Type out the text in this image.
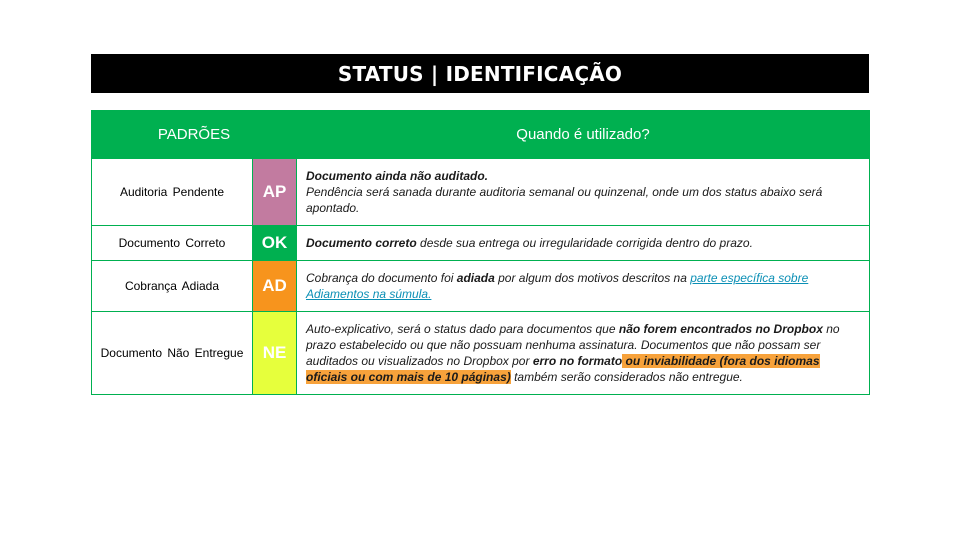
STATUS | IDENTIFICAÇÃO
PADRÕES		Quando é utilizado?
Auditoria Pendente	AP	Documento ainda não auditado.
Pendência será sanada durante auditoria semanal ou quinzenal, onde um dos status abaixo será apontado.
Documento Correto	OK	Documento correto desde sua entrega ou irregularidade corrigida dentro do prazo.
Cobrança Adiada	AD	Cobrança do documento foi adiada por algum dos motivos descritos na parte específica sobre Adiamentos na súmula.
Documento Não Entregue	NE	Auto-explicativo, será o status dado para documentos que não forem encontrados no Dropbox no prazo estabelecido ou que não possuam nenhuma assinatura. Documentos que não possam ser auditados ou visualizados no Dropbox por erro no formato ou inviabilidade (fora dos idiomas oficiais ou com mais de 10 páginas) também serão considerados não entregue.
